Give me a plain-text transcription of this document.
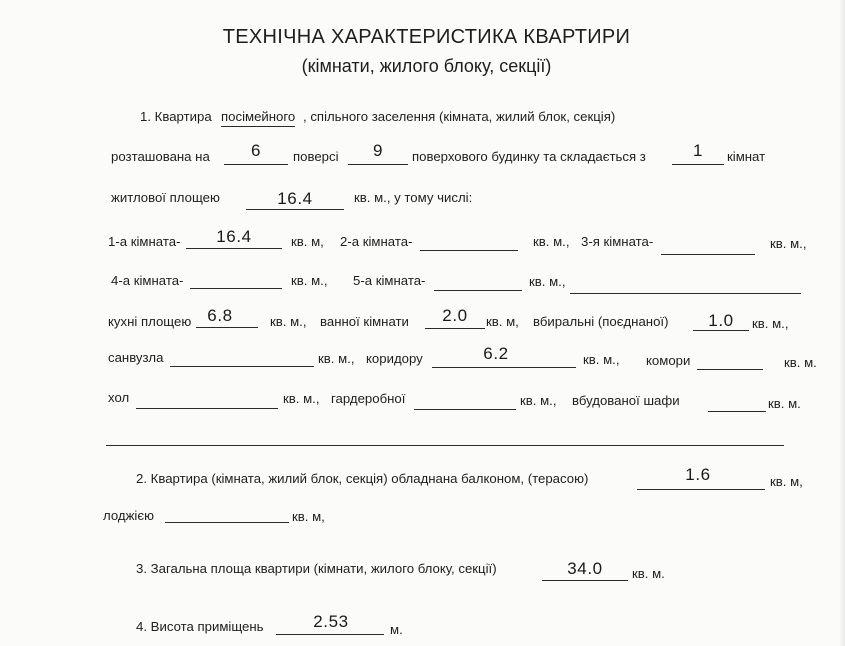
ТЕХНІЧНА ХАРАКТЕРИСТИКА КВАРТИРИ
(кімнати, жилого блоку, секції)
1. Квартира посімейного , спільного заселення (кімната, жилий блок, секція)
розташована на	6	поверсі	9	поверхового будинку та складається з	1	кімнат
житлової площею	16.4	кв. м., у тому числі:
1-а кімната-	16.4	кв. м, 2-а кімната-	кв. м., 3-я кімната-	кв. м.,
4-а кімната-	кв. м., 5-а кімната-	кв. м.,
кухні площею 6.8	кв. м., ванної кімнати	2.0	кв. м, вбиральні (поєднаної)	1.0	кв. м.,
санвузла	кв. м., коридору	6.2	кв. м., комори	кв. м.
хол	кв. м., гардеробної	кв. м., вбудованої шафи	кв. м.
2. Квартира (кімната, жилий блок, секція) обладнана балконом, (терасою)	1.6	кв. м,
лоджією	кв. м,
3. Загальна площа квартири (кімнати, жилого блоку, секції)	34.0	кв. м.
4. Висота приміщень	2.53	м.
